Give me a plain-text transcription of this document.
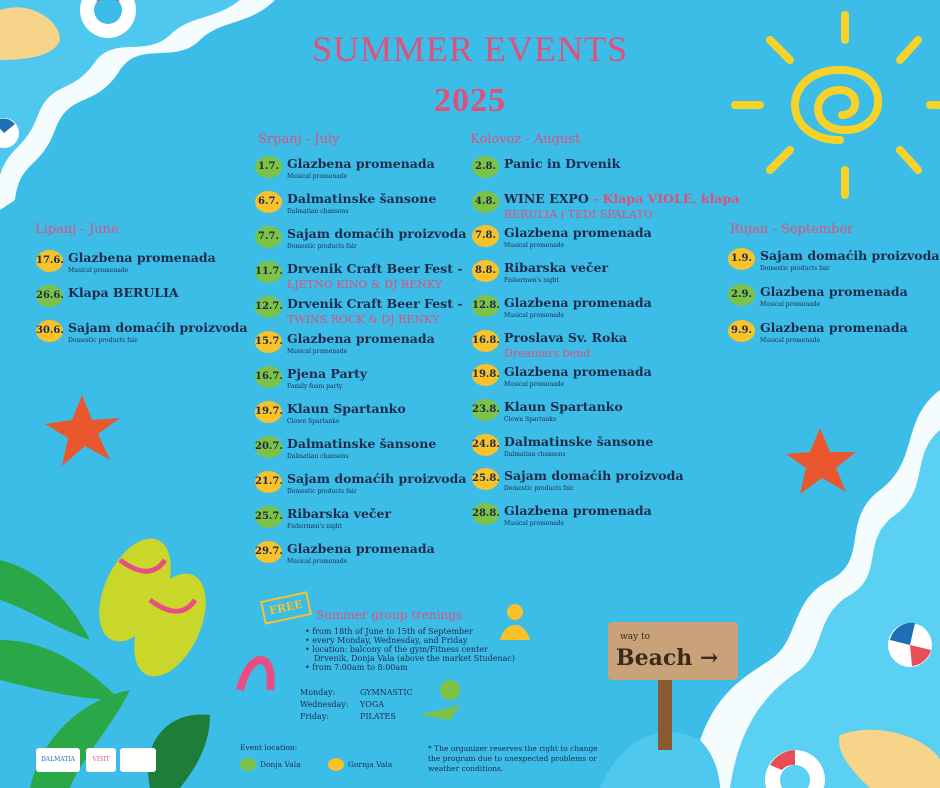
SUMMER EVENTS
2025
Lipanj - June
Srpanj - July	Kolovoz - August
Rujan - September
17.6. Glazbena promenada
Musical promenade
26.6. Klapa BERULIA
30.6. Sajam domaćih proizvoda
Domestic products fair
1.7. Glazbena promenada
Musical promenade
6.7. Dalmatinske šansone
Dalmatian chansons
7.7. Sajam domaćih proizvoda
Domestic products fair
11.7. Drvenik Craft Beer Fest -
LJETNO KINO & DJ RENKY
12.7. Drvenik Craft Beer Fest -
TWINS ROCK & DJ RENKY
15.7. Glazbena promenada
Musical promenade
16.7. Pjena Party
Family foam party
19.7. Klaun Spartanko
Clown Spartanko
20.7. Dalmatinske šansone
Dalmatian chansons
21.7. Sajam domaćih proizvoda
Domestic products fair
25.7. Ribarska večer
Fishermen's night
29.7. Glazbena promenada
Musical promenade
2.8. Panic in Drvenik
4.8. WINE EXPO - Klapa VIOLE, klapa
BERULIA i TEDI SPALATO
7.8. Glazbena promenada
Musical promenade
8.8. Ribarska večer
Fishermen's night
12.8. Glazbena promenada
Musical promenade
16.8. Proslava Sv. Roka
Dreamers bend
19.8. Glazbena promenada
Musical promenade
23.8. Klaun Spartanko
Clown Spartanko
24.8. Dalmatinske šansone
Dalmatian chansons
25.8. Sajam domaćih proizvoda
Domestic products fair
28.8. Glazbena promenada
Musical promenade
1.9. Sajam domaćih proizvoda
Domestic products fair
2.9. Glazbena promenada
Musical promenade
9.9. Glazbena promenada
Musical promenade
FREE	Summer group trenings
• from 18th of June to 15th of September
• every Monday, Wednesday, and Friday
• location: balcony of the gym/Fitness center
Drvenik, Donja Vala (above the market Studenac)
• from 7:00am to 8:00am
Monday:	GYMNASTIC
Wednesday: YOGA
Friday:	PILATES
way to
Beach →
Event location:
Donja Vala	Gornja Vala
* The organizer reserves the right to change the program due to unexpected problems or weather conditions.
DALMATIA	VISIT
